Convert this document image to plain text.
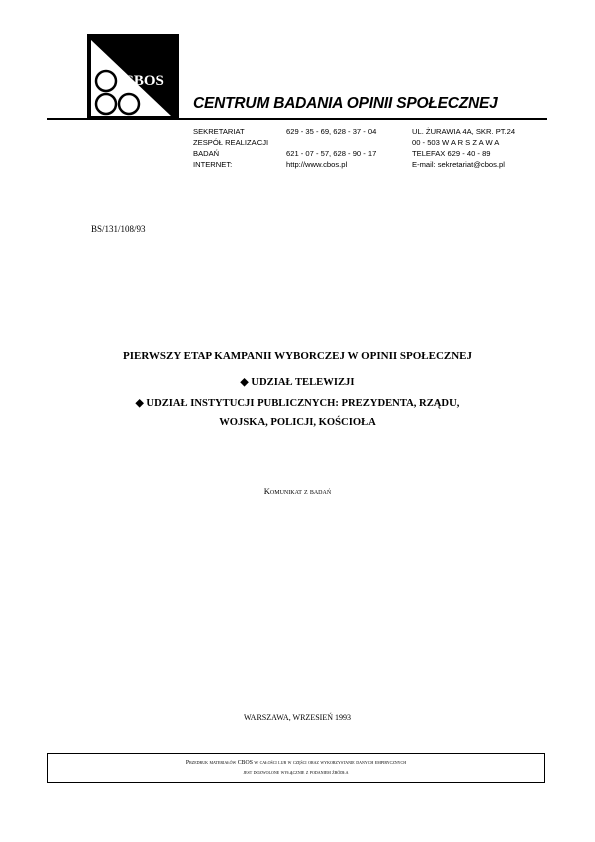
CBOS
CENTRUM BADANIA OPINII SPOŁECZNEJ
SEKRETARIAT
ZESPÓŁ REALIZACJI
BADAŃ
INTERNET:
629 - 35 - 69, 628 - 37 - 04
621 - 07 - 57, 628 - 90 - 17
http://www.cbos.pl
UL. ŻURAWIA 4A, SKR. PT.24
00 - 503 W A R S Z A W A
TELEFAX 629 - 40 - 89
E-mail: sekretariat@cbos.pl
BS/131/108/93
PIERWSZY ETAP KAMPANII WYBORCZEJ W OPINII SPOŁECZNEJ
◆ UDZIAŁ TELEWIZJI
◆ UDZIAŁ INSTYTUCJI PUBLICZNYCH: PREZYDENTA, RZĄDU,
WOJSKA, POLICJI, KOŚCIOŁA
Komunikat z badań
WARSZAWA, WRZESIEŃ 1993
Przedruk materiałów CBOS w całości lub w części oraz wykorzystanie danych empirycznych
jest dozwolone wyłącznie z podaniem źródła
